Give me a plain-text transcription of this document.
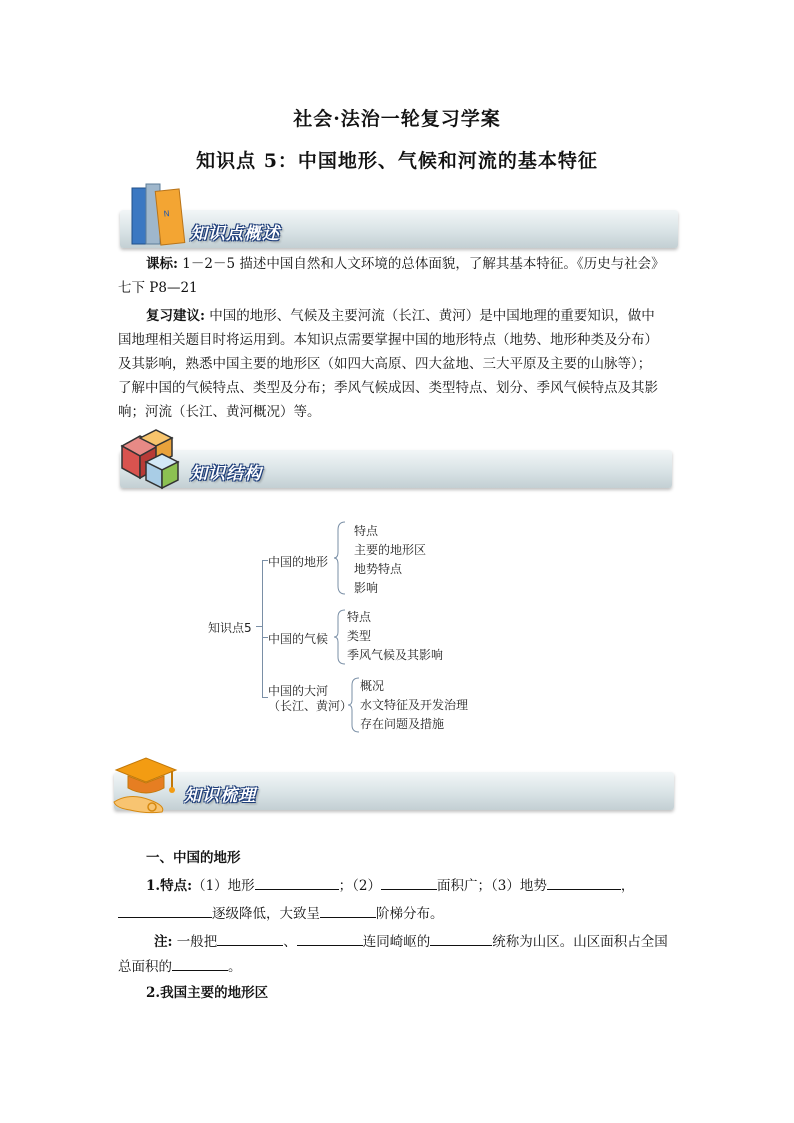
社会·法治一轮复习学案
知识点 5：中国地形、气候和河流的基本特征
N
知识点概述
课标: 1－2－5 描述中国自然和人文环境的总体面貌，了解其基本特征。《历史与社会》
七下 P8—21
复习建议: 中国的地形、气候及主要河流（长江、黄河）是中国地理的重要知识，做中
国地理相关题目时将运用到。本知识点需要掌握中国的地形特点（地势、地形种类及分布）
及其影响，熟悉中国主要的地形区（如四大高原、四大盆地、三大平原及主要的山脉等）；
了解中国的气候特点、类型及分布；季风气候成因、类型特点、划分、季风气候特点及其影
响；河流（长江、黄河概况）等。
知识结构
知识点5
中国的地形
特点
主要的地形区
地势特点
影响
中国的气候
特点
类型
季风气候及其影响
中国的大河
（长江、黄河）
概况
水文特征及开发治理
存在问题及措施
知识梳理
一、中国的地形
1.特点:（1）地形	；（2）	面积广；（3）地势	，
逐级降低，大致呈	阶梯分布。
注: 一般把	、	连同崎岖的	统称为山区。山区面积占全国
总面积的	。
2.我国主要的地形区
